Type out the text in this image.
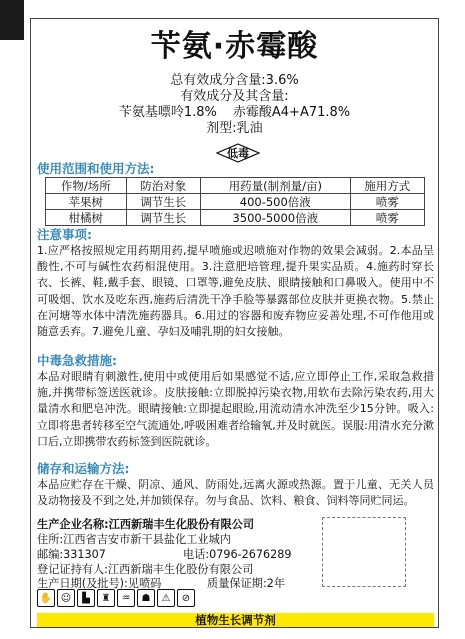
苄氨·赤霉酸
总有效成分含量:3.6%
有效成分及其含量:
苄氨基嘌呤1.8% 赤霉酸A4+A71.8%
剂型:乳油
低毒
使用范围和使用方法:
作物/场所	防治对象	用药量(制剂量/亩)	施用方式
苹果树	调节生长	400-500倍液	喷雾
柑橘树	调节生长	3500-5000倍液	喷雾
注意事项:

1.应严格按照规定用药期用药,提早喷施或迟喷施对作物的效果会减弱。2.本品呈酸性,不可与碱性农药相混使用。3.注意肥培管理,提升果实品质。4.施药时穿长衣、长裤、鞋,戴手套、眼镜、口罩等,避免皮肤、眼睛接触和口鼻吸入。使用中不可吸烟、饮水及吃东西,施药后清洗干净手脸等暴露部位皮肤并更换衣物。5.禁止在河塘等水体中清洗施药器具。6.用过的容器和废弃物应妥善处理,不可作他用或随意丢弃。7.避免儿童、孕妇及哺乳期的妇女接触。

中毒急救措施:

本品对眼睛有刺激性,使用中或使用后如果感觉不适,应立即停止工作,采取急救措施,并携带标签送医就诊。皮肤接触:立即脱掉污染衣物,用软布去除污染农药,用大量清水和肥皂冲洗。眼睛接触:立即提起眼睑,用流动清水冲洗至少15分钟。吸入:立即将患者转移至空气流通处,呼吸困难者给输氧,并及时就医。误服:用清水充分漱口后,立即携带农药标签到医院就诊。

储存和运输方法:

本品应贮存在干燥、阴凉、通风、防雨处,远离火源或热源。置于儿童、无关人员及动物接及不到之处,并加锁保存。勿与食品、饮料、粮食、饲料等同贮同运。

生产企业名称:江西新瑞丰生化股份有限公司
住所:江西省吉安市新干县盐化工业城内
邮编:331307	电话:0796-2676289
登记证持有人:江西新瑞丰生化股份有限公司
生产日期(及批号):见喷码	质量保证期:2年
✋ ☺	▙	♜	♒	☗	⚠	⊘
植物生长调节剂
